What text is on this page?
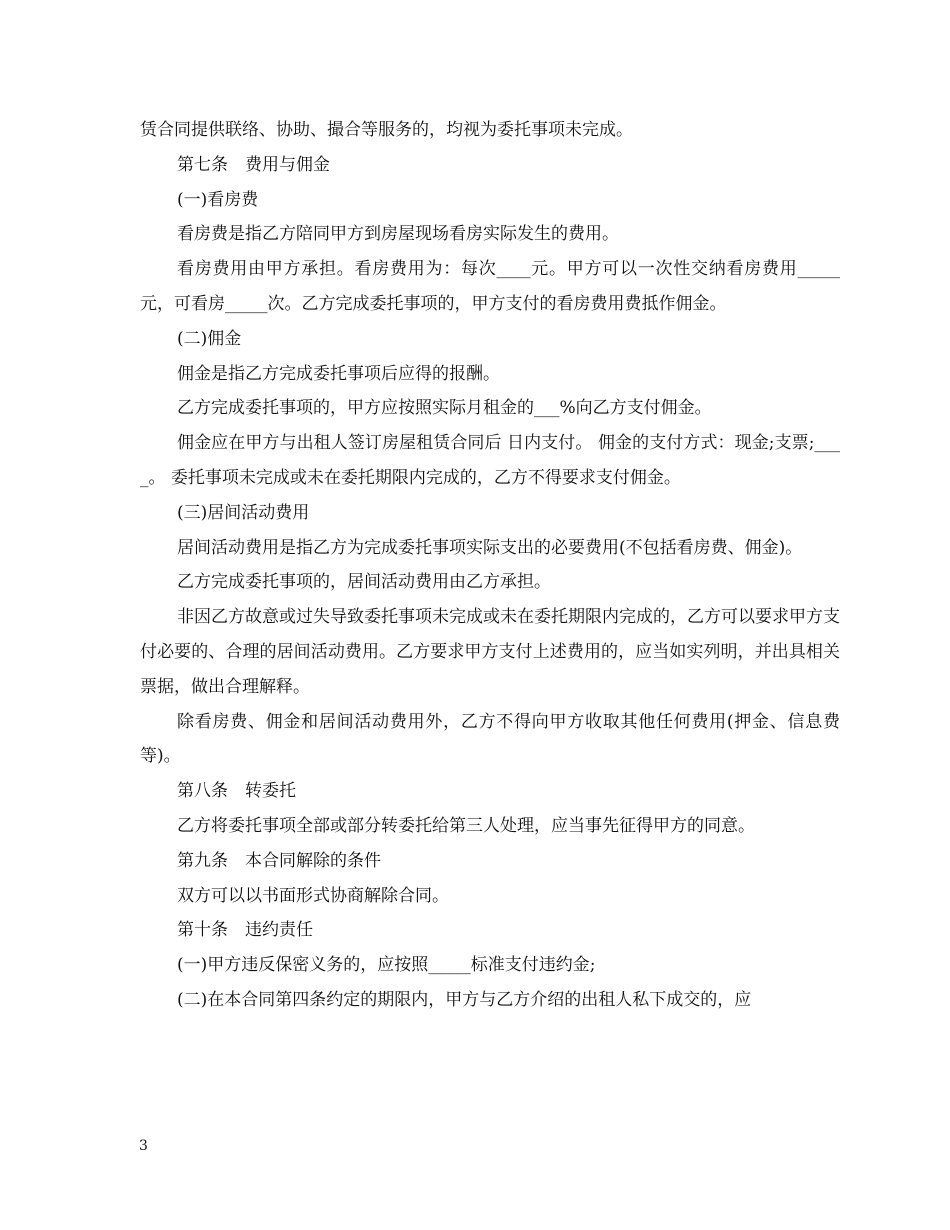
赁合同提供联络、协助、撮合等服务的，均视为委托事项未完成。

第七条　费用与佣金

(一)看房费

看房费是指乙方陪同甲方到房屋现场看房实际发生的费用。

看房费用由甲方承担。看房费用为：每次____元。甲方可以一次性交纳看房费用_____元，可看房_____次。乙方完成委托事项的，甲方支付的看房费用费抵作佣金。

(二)佣金

佣金是指乙方完成委托事项后应得的报酬。

乙方完成委托事项的，甲方应按照实际月租金的___%向乙方支付佣金。

佣金应在甲方与出租人签订房屋租赁合同后 日内支付。 佣金的支付方式：现金;支票;____。 委托事项未完成或未在委托期限内完成的，乙方不得要求支付佣金。

(三)居间活动费用

居间活动费用是指乙方为完成委托事项实际支出的必要费用(不包括看房费、佣金)。

乙方完成委托事项的，居间活动费用由乙方承担。

非因乙方故意或过失导致委托事项未完成或未在委托期限内完成的，乙方可以要求甲方支付必要的、合理的居间活动费用。乙方要求甲方支付上述费用的，应当如实列明，并出具相关票据，做出合理解释。

除看房费、佣金和居间活动费用外，乙方不得向甲方收取其他任何费用(押金、信息费等)。

第八条　转委托

乙方将委托事项全部或部分转委托给第三人处理，应当事先征得甲方的同意。

第九条　本合同解除的条件

双方可以以书面形式协商解除合同。

第十条　违约责任

(一)甲方违反保密义务的，应按照_____标准支付违约金;

(二)在本合同第四条约定的期限内，甲方与乙方介绍的出租人私下成交的，应

3
